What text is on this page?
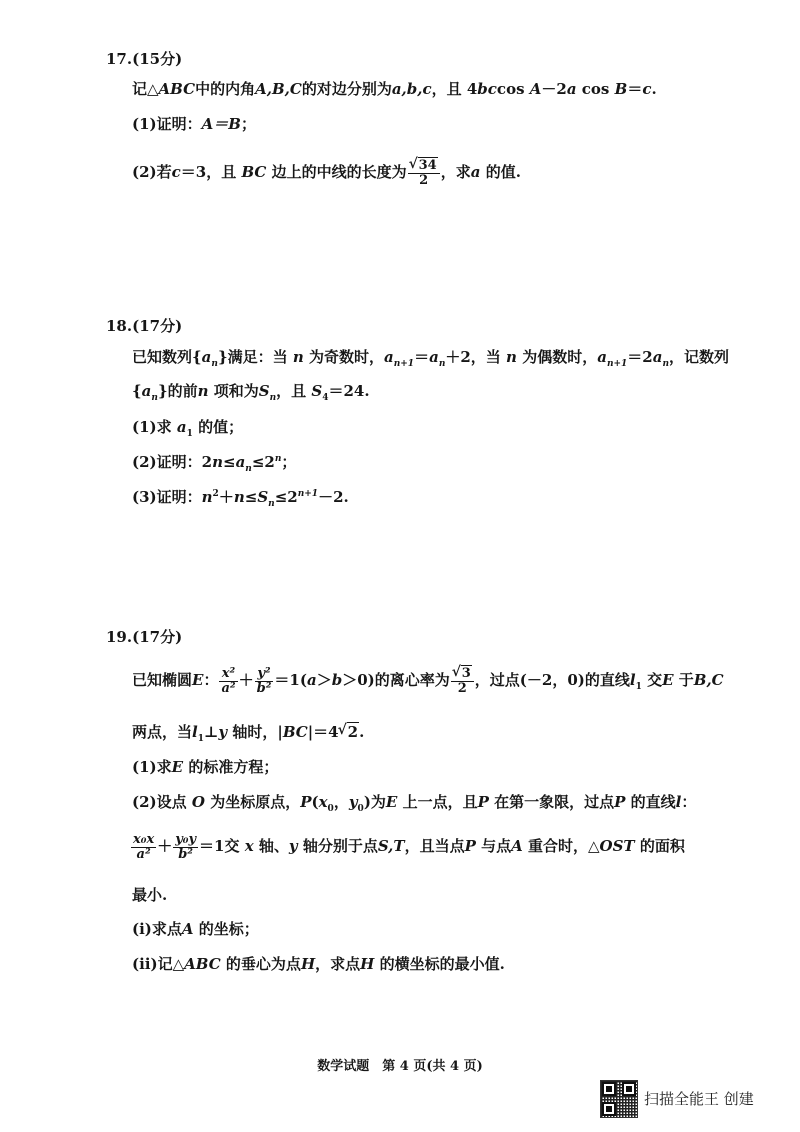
17.(15分)
记△ABC中的内角A,B,C的对边分别为a,b,c，且 4bccos A－2a cos B＝c.
(1)证明：A＝B；
(2)若c＝3，且 BC 边上的中线的长度为 √ $\frac{34}{2}$ ，求a 的值.
18.(17分)
已知数列$\{a_n\}$满足：当 n 为奇数时，$a_{n+1}=a_n+2$，当 n 为偶数时，$a_{n+1}=2a_n$，记数列
$\{a_n\}$的前n 项和为$S_n$，且 $S_4=24$.
(1)求 $a_1$ 的值；
(2)证明：$2n\le a_n\le 2^n$；
(3)证明：$n^2+n\le S_n\le 2^{n+1}-2$.
19.(17分)
已知椭圆E： $\frac{\text{x²}}{\text{a²}} + \frac{\text{y²}}{\text{b²}} =1(a>b>0)$的离心率为 √ $\frac{3}{2}$ ，过点(－2，0)的直线$l_1$ 交E 于B,C
两点，当$l_1\perp y$ 轴时，|BC|＝4 √ 2.
(1)求E 的标准方程；
(2)设点 O 为坐标原点，$P(x_0$，$y_0$)为E 上一点，且P 在第一象限，过点P 的直线l：
$\frac{\text{x₀x}}{\text{a²}} + \frac{\text{y₀y}}{\text{b²}} =1$交 x 轴、y 轴分别于点S,T，且当点P 与点A 重合时，△OST 的面积
最小.
(ⅰ)求点A 的坐标；
(ⅱ)记△ABC 的垂心为点H，求点H 的横坐标的最小值.
数学试题　第 4 页(共 4 页)
扫描全能王 创建
